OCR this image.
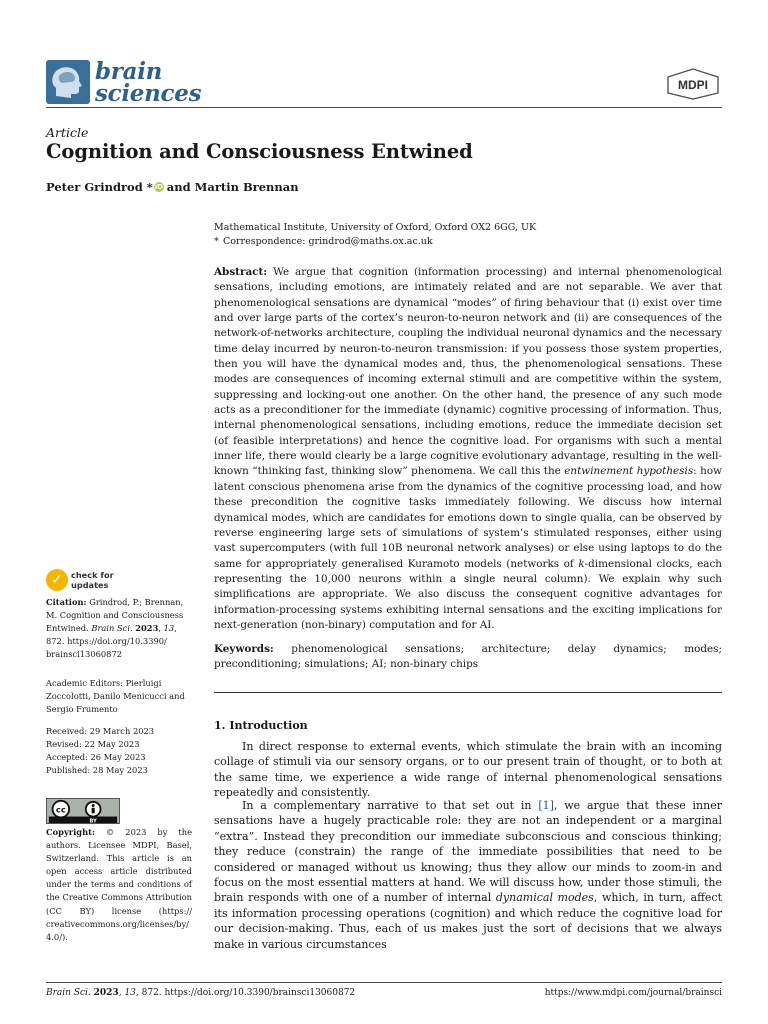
brain
sciences	MDPI
Article
Cognition and Consciousness Entwined
Peter Grindrod * iD and Martin Brennan
Mathematical Institute, University of Oxford, Oxford OX2 6GG, UK
* Correspondence: grindrod@maths.ox.ac.uk
Abstract: We argue that cognition (information processing) and internal phenomenological sensations, including emotions, are intimately related and are not separable. We aver that phenomenological sensations are dynamical “modes” of firing behaviour that (i) exist over time and over large parts of the cortex’s neuron-to-neuron network and (ii) are consequences of the network-of-networks architecture, coupling the individual neuronal dynamics and the necessary time delay incurred by neuron-to-neuron transmission: if you possess those system properties, then you will have the dynamical modes and, thus, the phenomenological sensations. These modes are consequences of incoming external stimuli and are competitive within the system, suppressing and locking-out one another. On the other hand, the presence of any such mode acts as a preconditioner for the immediate (dynamic) cognitive processing of information. Thus, internal phenomenological sensations, including emotions, reduce the immediate decision set (of feasible interpretations) and hence the cognitive load. For organisms with such a mental inner life, there would clearly be a large cognitive evolutionary advantage, resulting in the well-known “thinking fast, thinking slow” phenomena. We call this the entwinement hypothesis: how latent conscious phenomena arise from the dynamics of the cognitive processing load, and how these precondition the cognitive tasks immediately following. We discuss how internal dynamical modes, which are candidates for emotions down to single qualia, can be observed by reverse engineering large sets of simulations of system’s stimulated responses, either using vast supercomputers (with full 10B neuronal network analyses) or else using laptops to do the same for appropriately generalised Kuramoto models (networks of k-dimensional clocks, each representing the 10,000 neurons within a single neural column). We explain why such simplifications are appropriate. We also discuss the consequent cognitive advantages for information-processing systems exhibiting internal sensations and the exciting implications for next-generation (non-binary) computation and for AI.
Keywords: phenomenological sensations; architecture; delay dynamics; modes; preconditioning; simulations; AI; non-binary chips
1. Introduction
In direct response to external events, which stimulate the brain with an incoming collage of stimuli via our sensory organs, or to our present train of thought, or to both at the same time, we experience a wide range of internal phenomenological sensations repeatedly and consistently.
In a complementary narrative to that set out in [1], we argue that these inner sensations have a hugely practicable role: they are not an independent or a marginal “extra”. Instead they precondition our immediate subconscious and conscious thinking; they reduce (constrain) the range of the immediate possibilities that need to be considered or managed without us knowing; thus they allow our minds to zoom-in and focus on the most essential matters at hand. We will discuss how, under those stimuli, the brain responds with one of a number of internal dynamical modes, which, in turn, affect its information processing operations (cognition) and which reduce the cognitive load for our decision-making. Thus, each of us makes just the sort of decisions that we always make in various circumstances
✓ check for
updates
Citation: Grindrod, P.; Brennan, M. Cognition and Consciousness Entwined. Brain Sci. 2023, 13, 872. https://doi.org/10.3390/ brainsci13060872
Academic Editors: Pierluigi Zoccolotti, Danilo Menicucci and Sergio Frumento
Received: 29 March 2023
Revised: 22 May 2023
Accepted: 26 May 2023
Published: 28 May 2023
cc
BY
Copyright: © 2023 by the authors. Licensee MDPI, Basel, Switzerland. This article is an open access article distributed under the terms and conditions of the Creative Commons Attribution (CC BY) license (https:// creativecommons.org/licenses/by/ 4.0/).
Brain Sci. 2023, 13, 872. https://doi.org/10.3390/brainsci13060872	https://www.mdpi.com/journal/brainsci
